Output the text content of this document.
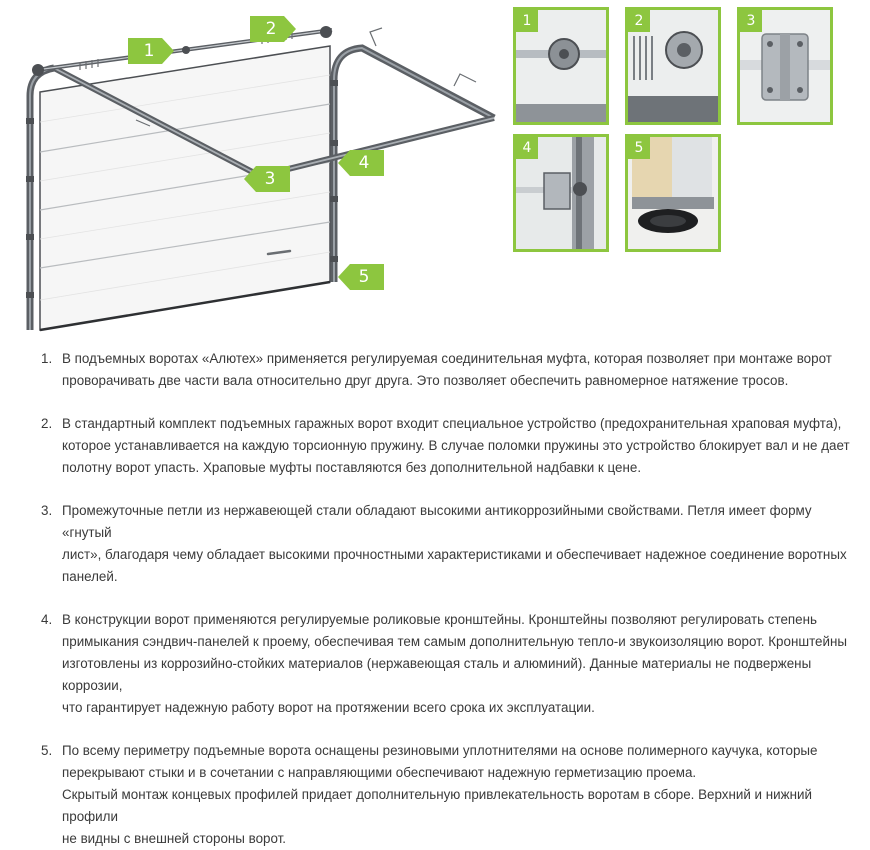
1
2
3
4
5
1	2	3
4	5
1. В подъемных воротах «Алютех» применяется регулируемая соединительная муфта, которая позволяет при монтаже ворот
проворачивать две части вала относительно друг друга. Это позволяет обеспечить равномерное натяжение тросов.
2. В стандартный комплект подъемных гаражных ворот входит специальное устройство (предохранительная храповая муфта),
которое устанавливается на каждую торсионную пружину. В случае поломки пружины это устройство блокирует вал и не дает
полотну ворот упасть. Храповые муфты поставляются без дополнительной надбавки к цене.
3. Промежуточные петли из нержавеющей стали обладают высокими антикоррозийными свойствами. Петля имеет форму «гнутый
лист», благодаря чему обладает высокими прочностными характеристиками и обеспечивает надежное соединение воротных
панелей.
4. В конструкции ворот применяются регулируемые роликовые кронштейны. Кронштейны позволяют регулировать степень
примыкания сэндвич-панелей к проему, обеспечивая тем самым дополнительную тепло-и звукоизоляцию ворот. Кронштейны
изготовлены из коррозийно-стойких материалов (нержавеющая сталь и алюминий). Данные материалы не подвержены коррозии,
что гарантирует надежную работу ворот на протяжении всего срока их эксплуатации.
5. По всему периметру подъемные ворота оснащены резиновыми уплотнителями на основе полимерного каучука, которые
перекрывают стыки и в сочетании с направляющими обеспечивают надежную герметизацию проема.
Скрытый монтаж концевых профилей придает дополнительную привлекательность воротам в сборе. Верхний и нижний профили
не видны с внешней стороны ворот.
